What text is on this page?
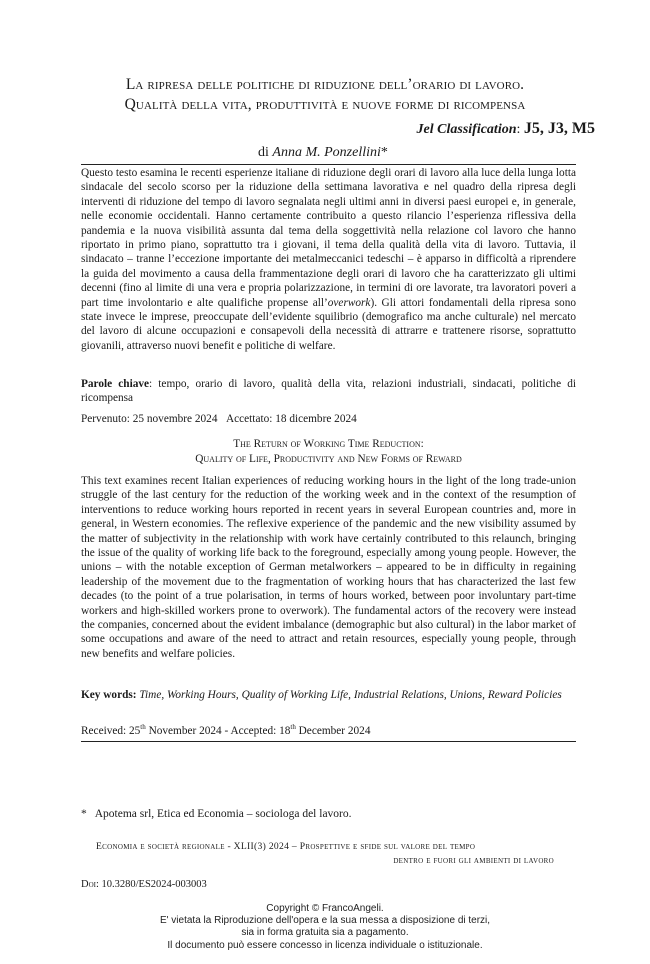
La ripresa delle politiche di riduzione dell’orario di lavoro.
Qualità della vita, produttività e nuove forme di ricompensa
Jel Classification: J5, J3, M5
di Anna M. Ponzellini*

Questo testo esamina le recenti esperienze italiane di riduzione degli orari di lavoro alla luce della lunga lotta sindacale del secolo scorso per la riduzione della settimana lavorativa e nel quadro della ripresa degli interventi di riduzione del tempo di lavoro segnalata negli ultimi anni in diversi paesi europei e, in generale, nelle economie occidentali. Hanno certamente contribuito a questo rilancio l’esperienza riflessiva della pandemia e la nuova visibilità assunta dal tema della soggettività nella relazione col lavoro che hanno riportato in primo piano, soprattutto tra i giovani, il tema della qualità della vita di lavoro. Tuttavia, il sindacato – tranne l’eccezione importante dei metalmeccanici tedeschi – è apparso in difficoltà a riprendere la guida del movimento a causa della frammentazione degli orari di lavoro che ha caratterizzato gli ultimi decenni (fino al limite di una vera e propria polarizzazione, in termini di ore lavorate, tra lavoratori poveri a part time involontario e alte qualifiche propense all’overwork). Gli attori fondamentali della ripresa sono state invece le imprese, preoccupate dell’evidente squilibrio (demografico ma anche culturale) nel mercato del lavoro di alcune occupazioni e consapevoli della necessità di attrarre e trattenere risorse, soprattutto giovanili, attraverso nuovi benefit e politiche di welfare.

Parole chiave: tempo, orario di lavoro, qualità della vita, relazioni industriali, sindacati, politiche di ricompensa
Pervenuto: 25 novembre 2024 Accettato: 18 dicembre 2024
The Return of Working Time Reduction:
Quality of Life, Productivity and New Forms of Reward

This text examines recent Italian experiences of reducing working hours in the light of the long trade-union struggle of the last century for the reduction of the working week and in the context of the resumption of interventions to reduce working hours reported in recent years in several European countries and, more in general, in Western economies. The reflexive experience of the pandemic and the new visibility assumed by the matter of subjectivity in the relationship with work have certainly contributed to this relaunch, bringing the issue of the quality of working life back to the foreground, especially among young people. However, the unions – with the notable exception of German metalworkers – appeared to be in difficulty in regaining leadership of the movement due to the fragmentation of working hours that has characterized the last few decades (to the point of a true polarisation, in terms of hours worked, between poor involuntary part-time workers and high-skilled workers prone to overwork). The fundamental actors of the recovery were instead the companies, concerned about the evident imbalance (demographic but also cultural) in the labor market of some occupations and aware of the need to attract and retain resources, especially young people, through new benefits and welfare policies.

Key words: Time, Working Hours, Quality of Working Life, Industrial Relations, Unions, Reward Policies
Received: 25th November 2024 - Accepted: 18th December 2024
* Apotema srl, Etica ed Economia – sociologa del lavoro.
Economia e società regionale - XLII(3) 2024 – Prospettive e sfide sul valore del tempo
dentro e fuori gli ambienti di lavoro
Doi: 10.3280/ES2024-003003
Copyright © FrancoAngeli.
E' vietata la Riproduzione dell'opera e la sua messa a disposizione di terzi,
sia in forma gratuita sia a pagamento.
Il documento può essere concesso in licenza individuale o istituzionale.
